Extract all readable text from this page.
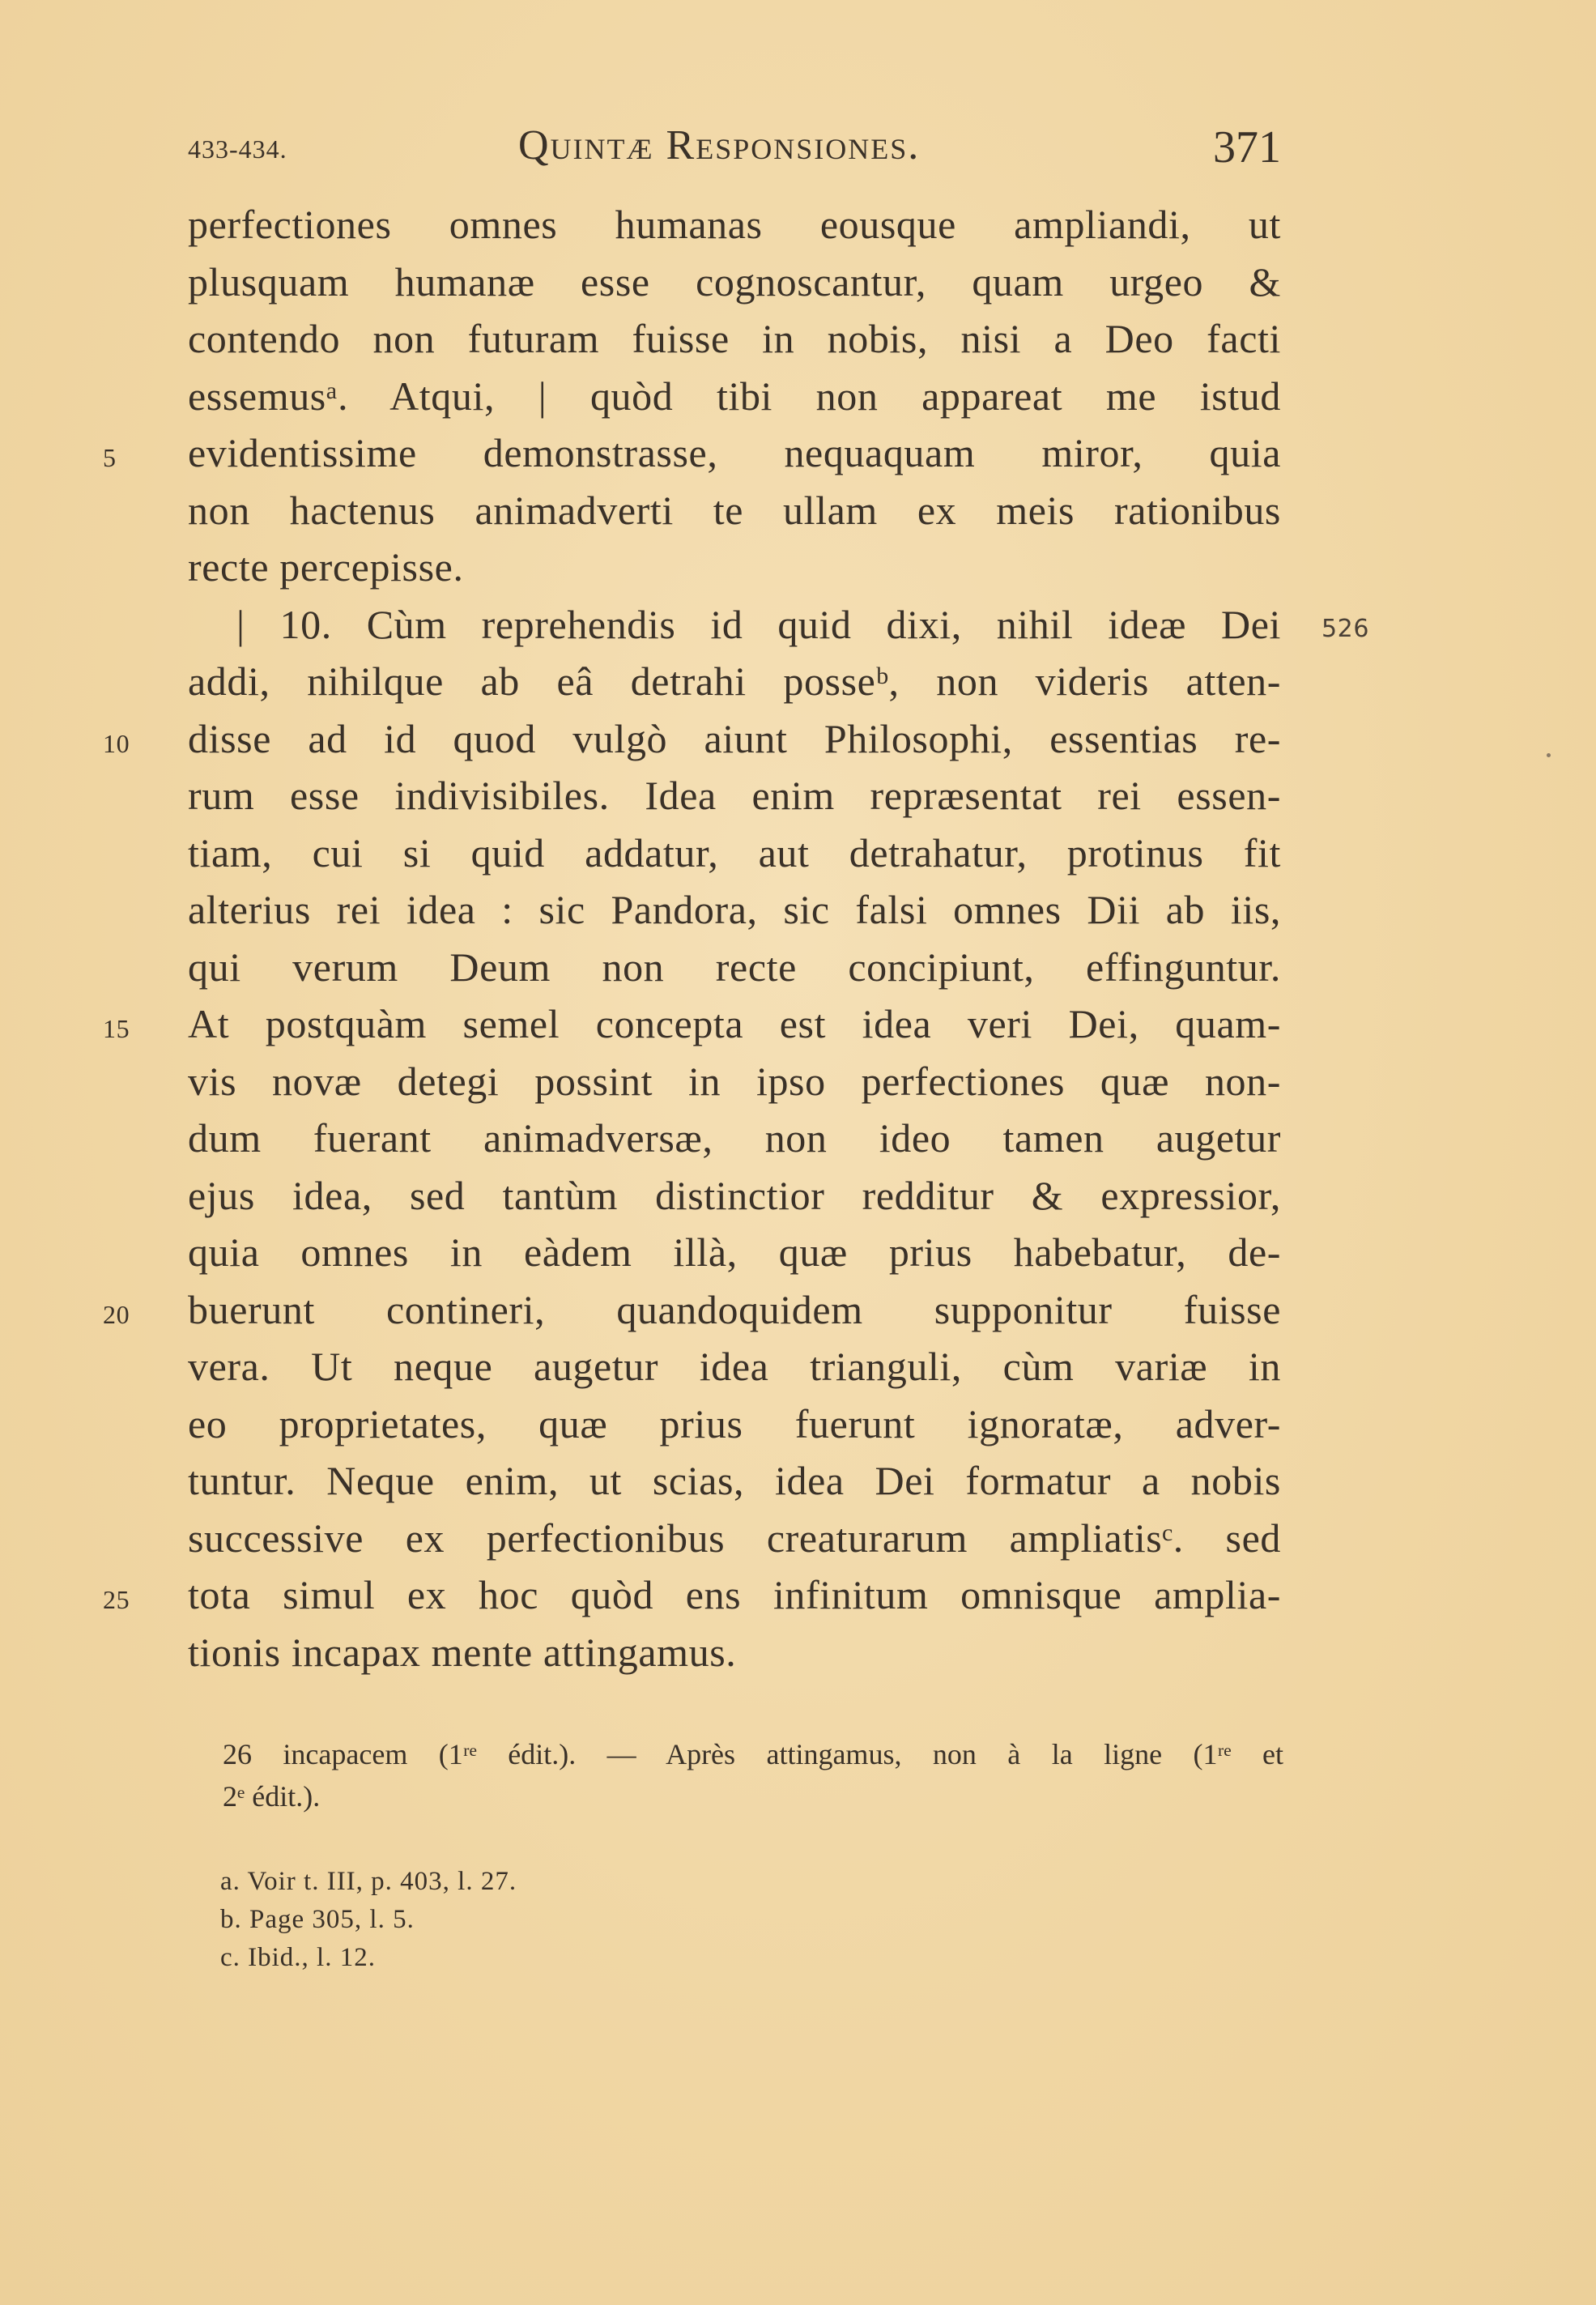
433-434.	Quintæ Responsiones.	371
perfectiones omnes humanas eousque ampliandi, ut
plusquam humanæ esse cognoscantur, quam urgeo &
contendo non futuram fuisse in nobis, nisi a Deo facti
essemusᵃ. Atqui, | quòd tibi non appareat me istud
evidentissime demonstrasse, nequaquam miror, quia
5
non hactenus animadverti te ullam ex meis rationibus
recte percepisse.
| 10. Cùm reprehendis id quid dixi, nihil ideæ Dei 526
addi, nihilque ab eâ detrahi posseᵇ, non videris atten-
disse ad id quod vulgò aiunt Philosophi, essentias re-
10
rum esse indivisibiles. Idea enim repræsentat rei essen-
tiam, cui si quid addatur, aut detrahatur, protinus fit
alterius rei idea : sic Pandora, sic falsi omnes Dii ab iis,
qui verum Deum non recte concipiunt, effinguntur.
At postquàm semel concepta est idea veri Dei, quam-
15
vis novæ detegi possint in ipso perfectiones quæ non-
dum fuerant animadversæ, non ideo tamen augetur
ejus idea, sed tantùm distinctior redditur & expressior,
quia omnes in eàdem illà, quæ prius habebatur, de-
buerunt contineri, quandoquidem supponitur fuisse
20
vera. Ut neque augetur idea trianguli, cùm variæ in
eo proprietates, quæ prius fuerunt ignoratæ, adver-
tuntur. Neque enim, ut scias, idea Dei formatur a nobis
successive ex perfectionibus creaturarum ampliatisᶜ. sed
tota simul ex hoc quòd ens infinitum omnisque amplia-
25
tionis incapax mente attingamus.
26 incapacem (1ʳᵉ édit.). — Après attingamus, non à la ligne (1ʳᵉ et
2ᵉ édit.).
a. Voir t. III, p. 403, l. 27.
b. Page 305, l. 5.
c. Ibid., l. 12.
